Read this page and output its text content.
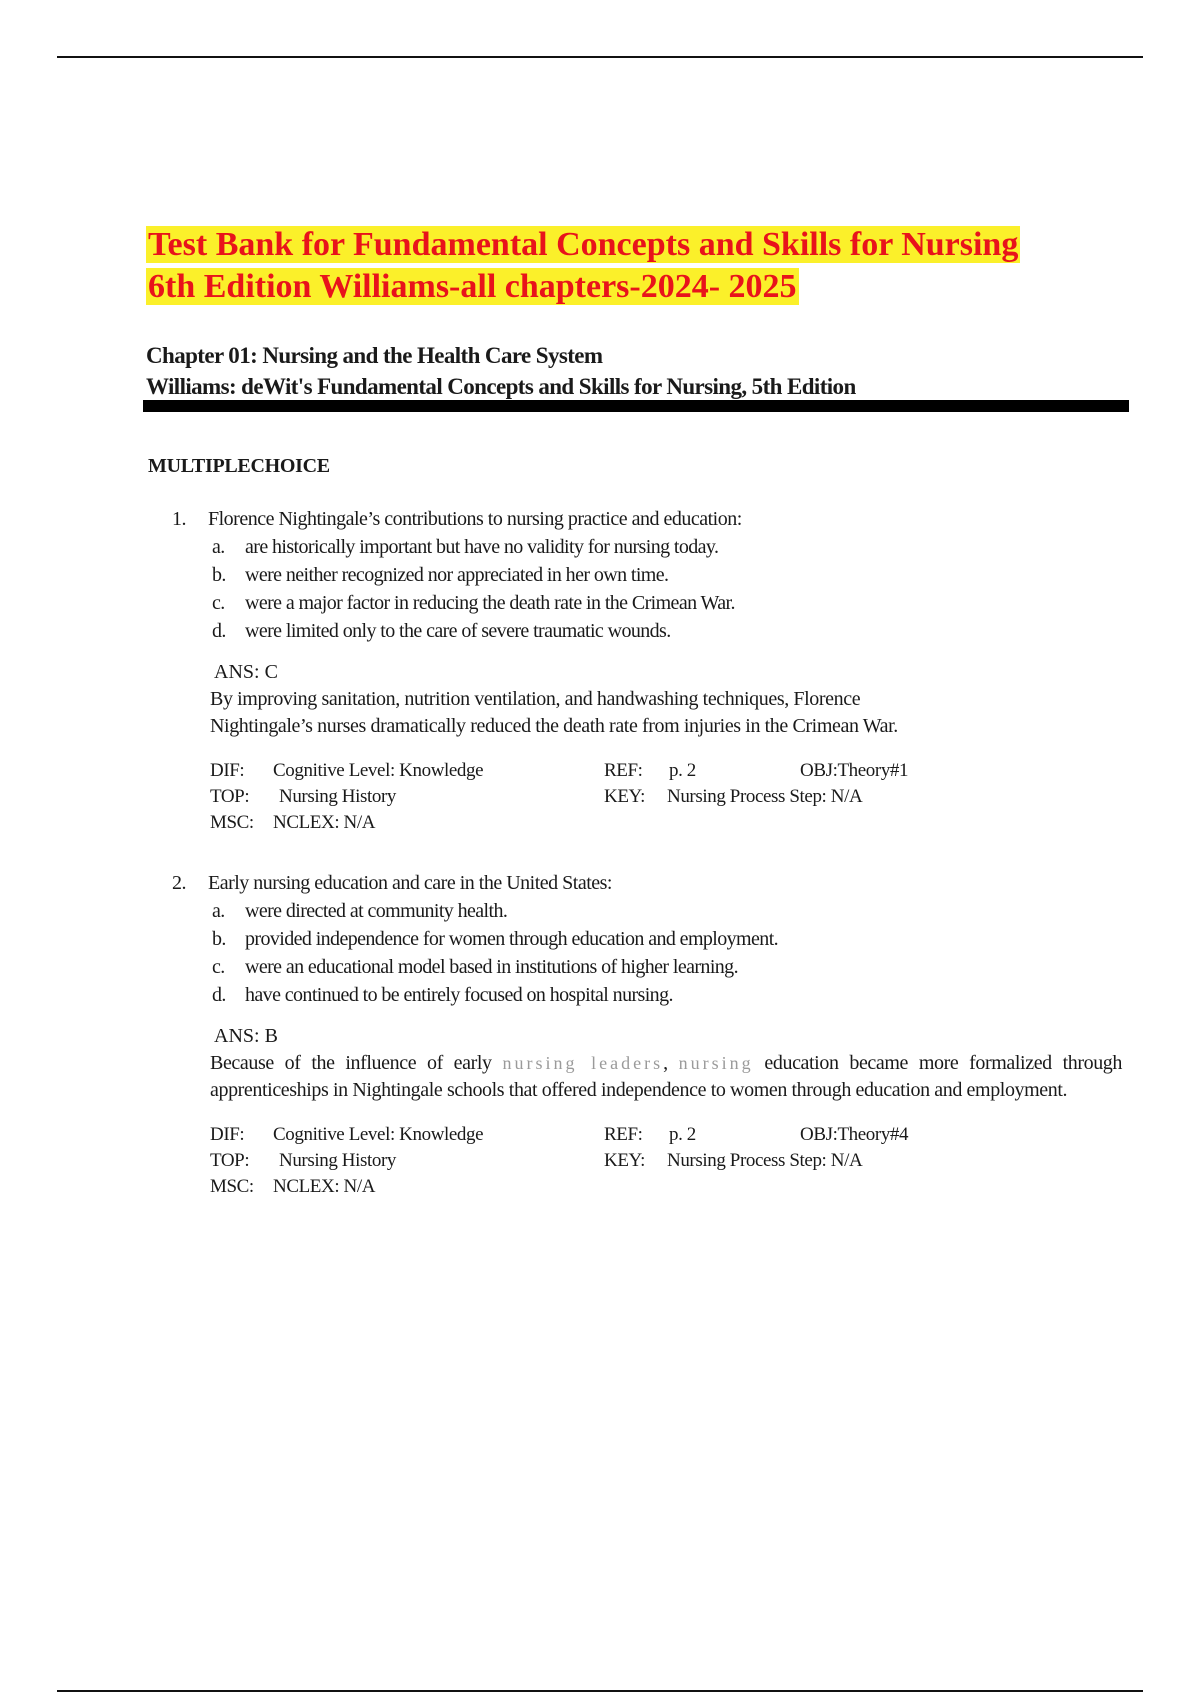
Test Bank for Fundamental Concepts and Skills for Nursing
6th Edition Williams-all chapters-2024- 2025
Chapter 01: Nursing and the Health Care System
Williams: deWit's Fundamental Concepts and Skills for Nursing, 5th Edition
MULTIPLECHOICE
1. Florence Nightingale’s contributions to nursing practice and education:
a. are historically important but have no validity for nursing today.
b. were neither recognized nor appreciated in her own time.
c. were a major factor in reducing the death rate in the Crimean War.
d. were limited only to the care of severe traumatic wounds.
ANS: C
By improving sanitation, nutrition ventilation, and handwashing techniques, Florence
Nightingale’s nurses dramatically reduced the death rate from injuries in the Crimean War.
DIF: Cognitive Level: Knowledge	REF: p. 2	OBJ:Theory#1
TOP: Nursing History	KEY: Nursing Process Step: N/A
MSC: NCLEX: N/A
2. Early nursing education and care in the United States:
a. were directed at community health.
b. provided independence for women through education and employment.
c. were an educational model based in institutions of higher learning.
d. have continued to be entirely focused on hospital nursing.
ANS: B
Because of the influence of early nursing leaders, nursing education became more formalized through apprenticeships in Nightingale schools that offered independence to women through education and employment.
DIF: Cognitive Level: Knowledge	REF: p. 2	OBJ:Theory#4
TOP: Nursing History	KEY: Nursing Process Step: N/A
MSC: NCLEX: N/A
